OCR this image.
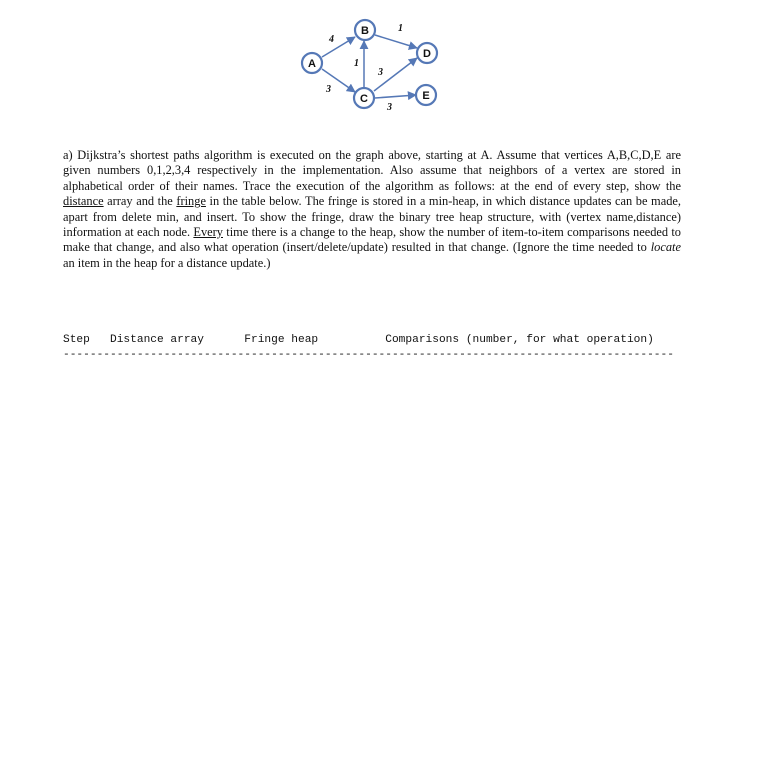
4
3
1
1
3
3
A
B
C
D
E

a) Dijkstra’s shortest paths algorithm is executed on the graph above, starting at A. Assume that vertices A,B,C,D,E are given numbers 0,1,2,3,4 respectively in the implementation. Also assume that neighbors of a vertex are stored in alphabetical order of their names. Trace the execution of the algorithm as follows: at the end of every step, show the distance array and the fringe in the table below. The fringe is stored in a min-heap, in which distance updates can be made, apart from delete min, and insert. To show the fringe, draw the binary tree heap structure, with (vertex name,distance) information at each node. Every time there is a change to the heap, show the number of item-to-item comparisons needed to make that change, and also what operation (insert/delete/update) resulted in that change. (Ignore the time needed to locate an item in the heap for a distance update.)

Step   Distance array      Fringe heap          Comparisons (number, for what operation)
-------------------------------------------------------------------------------------------
